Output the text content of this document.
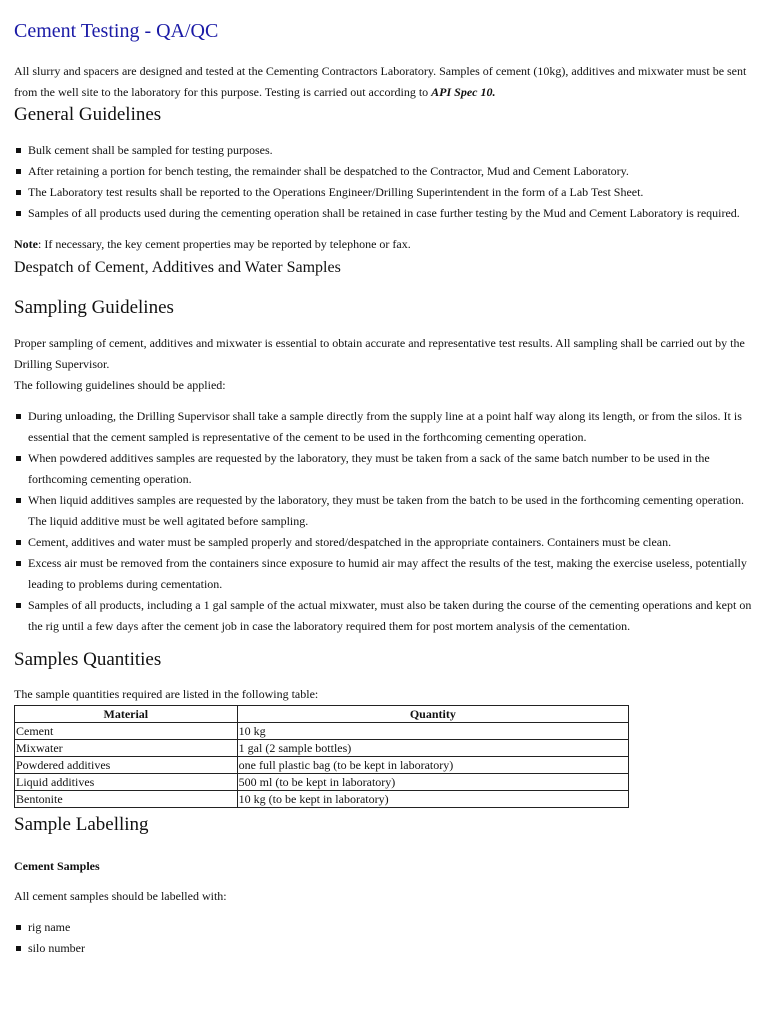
Cement Testing - QA/QC

All slurry and spacers are designed and tested at the Cementing Contractors Laboratory. Samples of cement (10kg), additives and mixwater must be sent from the well site to the laboratory for this purpose. Testing is carried out according to API Spec 10.

General Guidelines
Bulk cement shall be sampled for testing purposes.
After retaining a portion for bench testing, the remainder shall be despatched to the Contractor, Mud and Cement Laboratory.
The Laboratory test results shall be reported to the Operations Engineer/Drilling Superintendent in the form of a Lab Test Sheet.
Samples of all products used during the cementing operation shall be retained in case further testing by the Mud and Cement Laboratory is required.

Note: If necessary, the key cement properties may be reported by telephone or fax.

Despatch of Cement, Additives and Water Samples
Sampling Guidelines

Proper sampling of cement, additives and mixwater is essential to obtain accurate and representative test results. All sampling shall be carried out by the Drilling Supervisor.

The following guidelines should be applied:

During unloading, the Drilling Supervisor shall take a sample directly from the supply line at a point half way along its length, or from the silos. It is essential that the cement sampled is representative of the cement to be used in the forthcoming cementing operation.
When powdered additives samples are requested by the laboratory, they must be taken from a sack of the same batch number to be used in the forthcoming cementing operation.
When liquid additives samples are requested by the laboratory, they must be taken from the batch to be used in the forthcoming cementing operation. The liquid additive must be well agitated before sampling.
Cement, additives and water must be sampled properly and stored/despatched in the appropriate containers. Containers must be clean.
Excess air must be removed from the containers since exposure to humid air may affect the results of the test, making the exercise useless, potentially leading to problems during cementation.
Samples of all products, including a 1 gal sample of the actual mixwater, must also be taken during the course of the cementing operations and kept on the rig until a few days after the cement job in case the laboratory required them for post mortem analysis of the cementation.
Samples Quantities

The sample quantities required are listed in the following table:

Material	Quantity
Cement	10 kg
Mixwater	1 gal (2 sample bottles)
Powdered additives	one full plastic bag (to be kept in laboratory)
Liquid additives	500 ml (to be kept in laboratory)
Bentonite	10 kg (to be kept in laboratory)
Sample Labelling

Cement Samples

All cement samples should be labelled with:

rig name
silo number
